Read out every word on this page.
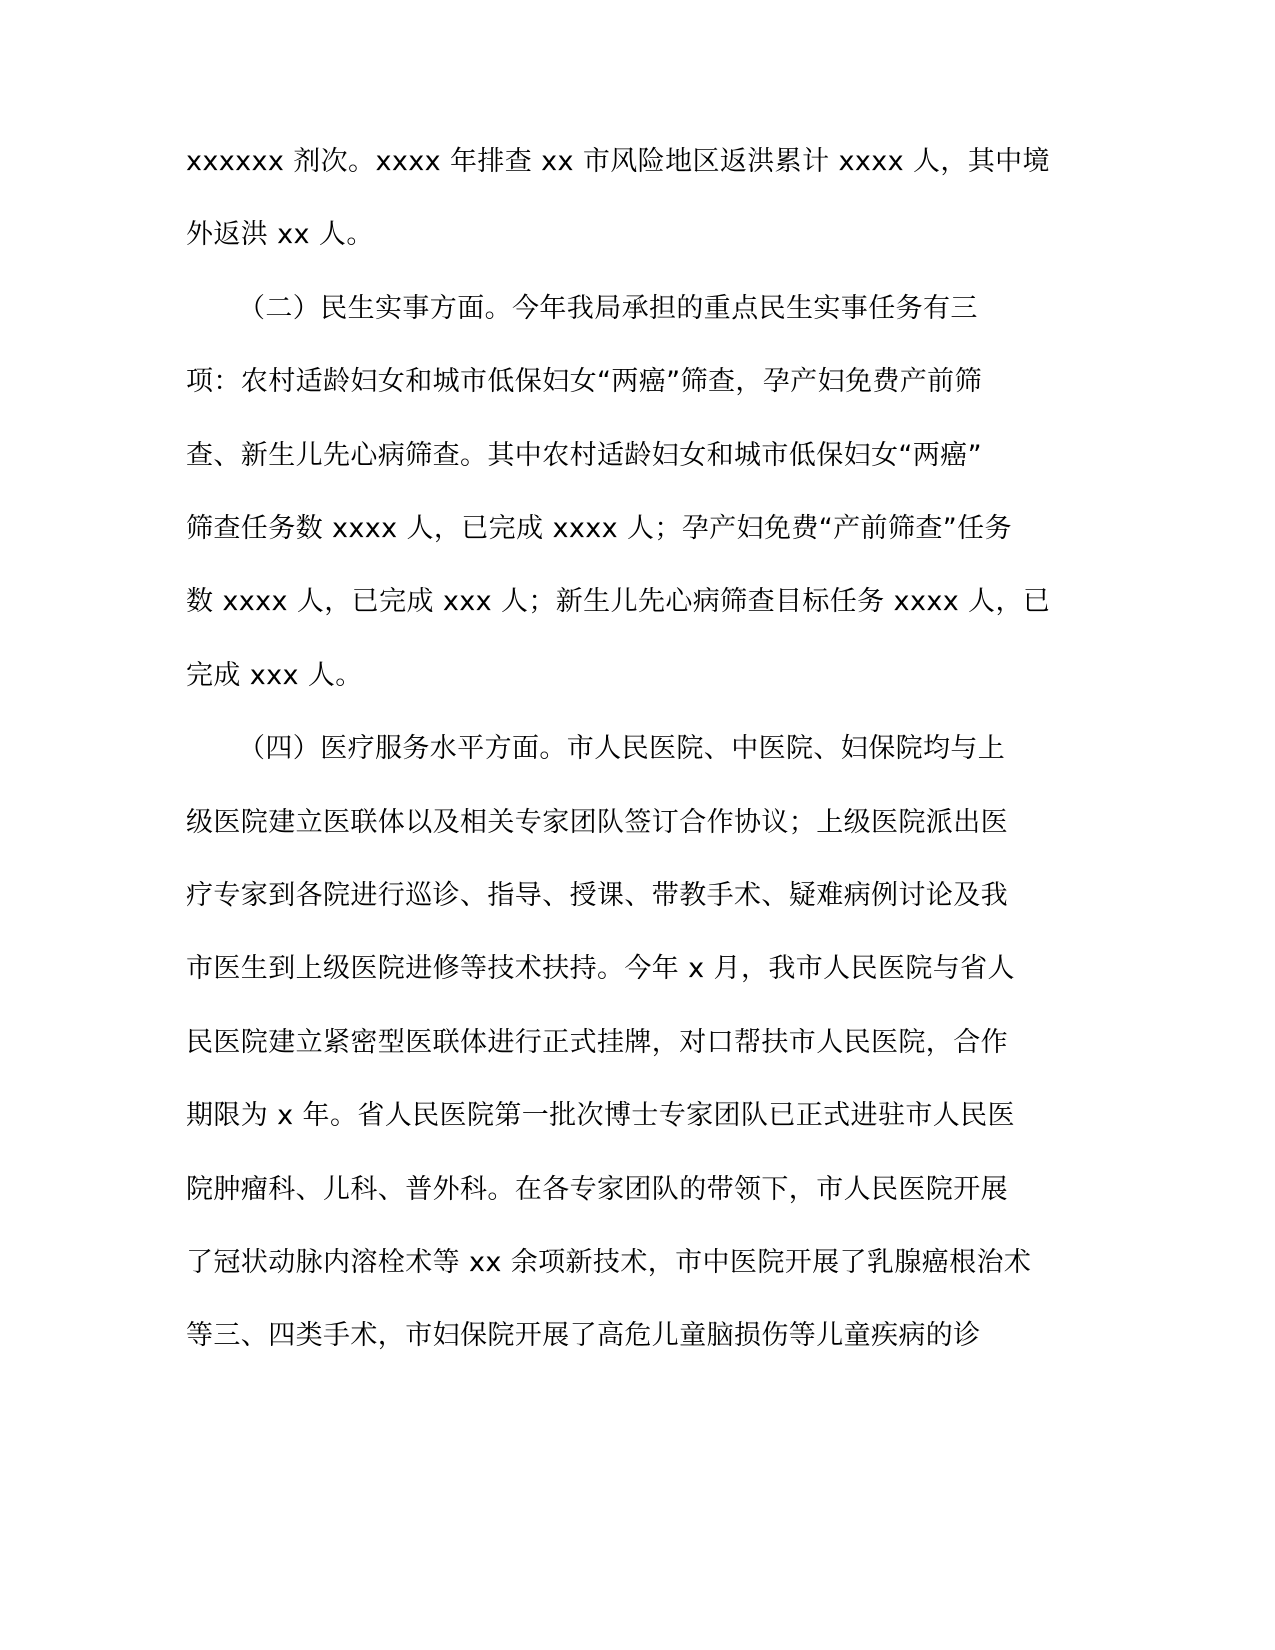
xxxxxx 剂次。xxxx 年排查 xx 市风险地区返洪累计 xxxx 人，其中境
外返洪 xx 人。
（二）民生实事方面。今年我局承担的重点民生实事任务有三
项：农村适龄妇女和城市低保妇女“两癌”筛查，孕产妇免费产前筛
查、新生儿先心病筛查。其中农村适龄妇女和城市低保妇女“两癌”
筛查任务数 xxxx 人，已完成 xxxx 人；孕产妇免费“产前筛查”任务
数 xxxx 人，已完成 xxx 人；新生儿先心病筛查目标任务 xxxx 人，已
完成 xxx 人。
（四）医疗服务水平方面。市人民医院、中医院、妇保院均与上
级医院建立医联体以及相关专家团队签订合作协议；上级医院派出医
疗专家到各院进行巡诊、指导、授课、带教手术、疑难病例讨论及我
市医生到上级医院进修等技术扶持。今年 x 月，我市人民医院与省人
民医院建立紧密型医联体进行正式挂牌，对口帮扶市人民医院，合作
期限为 x 年。省人民医院第一批次博士专家团队已正式进驻市人民医
院肿瘤科、儿科、普外科。在各专家团队的带领下，市人民医院开展
了冠状动脉内溶栓术等 xx 余项新技术，市中医院开展了乳腺癌根治术
等三、四类手术，市妇保院开展了高危儿童脑损伤等儿童疾病的诊
